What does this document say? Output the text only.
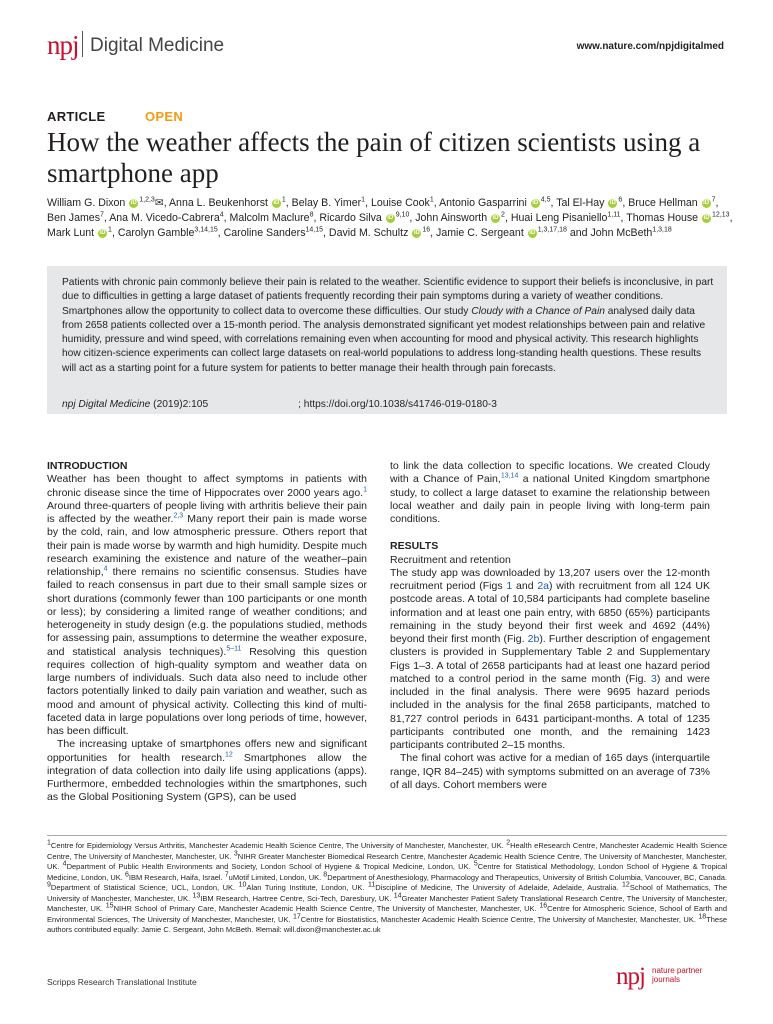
npj Digital Medicine	www.nature.com/npjdigitalmed
ARTICLE	OPEN
How the weather affects the pain of citizen scientists using a smartphone app
William G. Dixon iD $^{1,2,3}$✉, Anna L. Beukenhorst iD $^1$, Belay B. Yimer$^1$, Louise Cook$^1$, Antonio Gasparrini iD $^{4,5}$, Tal El-Hay iD $^6$, Bruce Hellman iD $^7$, Ben James$^7$, Ana M. Vicedo-Cabrera$^4$, Malcolm Maclure$^8$, Ricardo Silva iD $^{9,10}$, John Ainsworth iD $^2$, Huai Leng Pisaniello$^{1,11}$, Thomas House iD $^{12,13}$, Mark Lunt iD $^1$, Carolyn Gamble$^{3,14,15}$, Caroline Sanders$^{14,15}$, David M. Schultz iD $^{16}$, Jamie C. Sergeant iD $^{1,3,17,18}$ and John McBeth$^{1,3,18}$

Patients with chronic pain commonly believe their pain is related to the weather. Scientific evidence to support their beliefs is inconclusive, in part due to difficulties in getting a large dataset of patients frequently recording their pain symptoms during a variety of weather conditions. Smartphones allow the opportunity to collect data to overcome these difficulties. Our study Cloudy with a Chance of Pain analysed daily data from 2658 patients collected over a 15-month period. The analysis demonstrated significant yet modest relationships between pain and relative humidity, pressure and wind speed, with correlations remaining even when accounting for mood and physical activity. This research highlights how citizen-science experiments can collect large datasets on real-world populations to address long-standing health questions. These results will act as a starting point for a future system for patients to better manage their health through pain forecasts.

npj Digital Medicine (2019)2:105	; https://doi.org/10.1038/s41746-019-0180-3
INTRODUCTION

Weather has been thought to affect symptoms in patients with chronic disease since the time of Hippocrates over 2000 years ago.$^1$ Around three-quarters of people living with arthritis believe their pain is affected by the weather.$^{2,3}$ Many report their pain is made worse by the cold, rain, and low atmospheric pressure. Others report that their pain is made worse by warmth and high humidity. Despite much research examining the existence and nature of the weather–pain relationship,$^4$ there remains no scientific consensus. Studies have failed to reach consensus in part due to their small sample sizes or short durations (commonly fewer than 100 participants or one month or less); by considering a limited range of weather conditions; and heterogeneity in study design (e.g. the populations studied, methods for assessing pain, assumptions to determine the weather exposure, and statistical analysis techniques).$^{5-11}$ Resolving this question requires collection of high-quality symptom and weather data on large numbers of individuals. Such data also need to include other factors potentially linked to daily pain variation and weather, such as mood and amount of physical activity. Collecting this kind of multi-faceted data in large populations over long periods of time, however, has been difficult.

The increasing uptake of smartphones offers new and significant opportunities for health research.$^{12}$ Smartphones allow the integration of data collection into daily life using applications (apps). Furthermore, embedded technologies within the smartphones, such as the Global Positioning System (GPS), can be used

to link the data collection to specific locations. We created Cloudy with a Chance of Pain,$^{13,14}$ a national United Kingdom smartphone study, to collect a large dataset to examine the relationship between local weather and daily pain in people living with long-term pain conditions.

RESULTS
Recruitment and retention

The study app was downloaded by 13,207 users over the 12-month recruitment period (Figs 1 and 2a) with recruitment from all 124 UK postcode areas. A total of 10,584 participants had complete baseline information and at least one pain entry, with 6850 (65%) participants remaining in the study beyond their first week and 4692 (44%) beyond their first month (Fig. 2b). Further description of engagement clusters is provided in Supplementary Table 2 and Supplementary Figs 1–3. A total of 2658 participants had at least one hazard period matched to a control period in the same month (Fig. 3) and were included in the final analysis. There were 9695 hazard periods included in the analysis for the final 2658 participants, matched to 81,727 control periods in 6431 participant-months. A total of 1235 participants contributed one month, and the remaining 1423 participants contributed 2–15 months.

The final cohort was active for a median of 165 days (interquartile range, IQR 84–245) with symptoms submitted on an average of 73% of all days. Cohort members were

$^1$Centre for Epidemiology Versus Arthritis, Manchester Academic Health Science Centre, The University of Manchester, Manchester, UK. $^2$Health eResearch Centre, Manchester Academic Health Science Centre, The University of Manchester, Manchester, UK. $^3$NIHR Greater Manchester Biomedical Research Centre, Manchester Academic Health Science Centre, The University of Manchester, Manchester, UK. $^4$Department of Public Health Environments and Society, London School of Hygiene & Tropical Medicine, London, UK. $^5$Centre for Statistical Methodology, London School of Hygiene & Tropical Medicine, London, UK. $^6$IBM Research, Haifa, Israel. $^7$uMotif Limited, London, UK. $^8$Department of Anesthesiology, Pharmacology and Therapeutics, University of British Columbia, Vancouver, BC, Canada. $^9$Department of Statistical Science, UCL, London, UK. $^{10}$Alan Turing Institute, London, UK. $^{11}$Discipline of Medicine, The University of Adelaide, Adelaide, Australia. $^{12}$School of Mathematics, The University of Manchester, Manchester, UK. $^{13}$IBM Research, Hartree Centre, Sci-Tech, Daresbury, UK. $^{14}$Greater Manchester Patient Safety Translational Research Centre, The University of Manchester, Manchester, UK. $^{15}$NIHR School of Primary Care, Manchester Academic Health Science Centre, The University of Manchester, Manchester, UK. $^{16}$Centre for Atmospheric Science, School of Earth and Environmental Sciences, The University of Manchester, Manchester, UK. $^{17}$Centre for Biostatistics, Manchester Academic Health Science Centre, The University of Manchester, Manchester, UK. $^{18}$These authors contributed equally: Jamie C. Sergeant, John McBeth. ✉email: will.dixon@manchester.ac.uk

Scripps Research Translational Institute	npj nature partner journals
